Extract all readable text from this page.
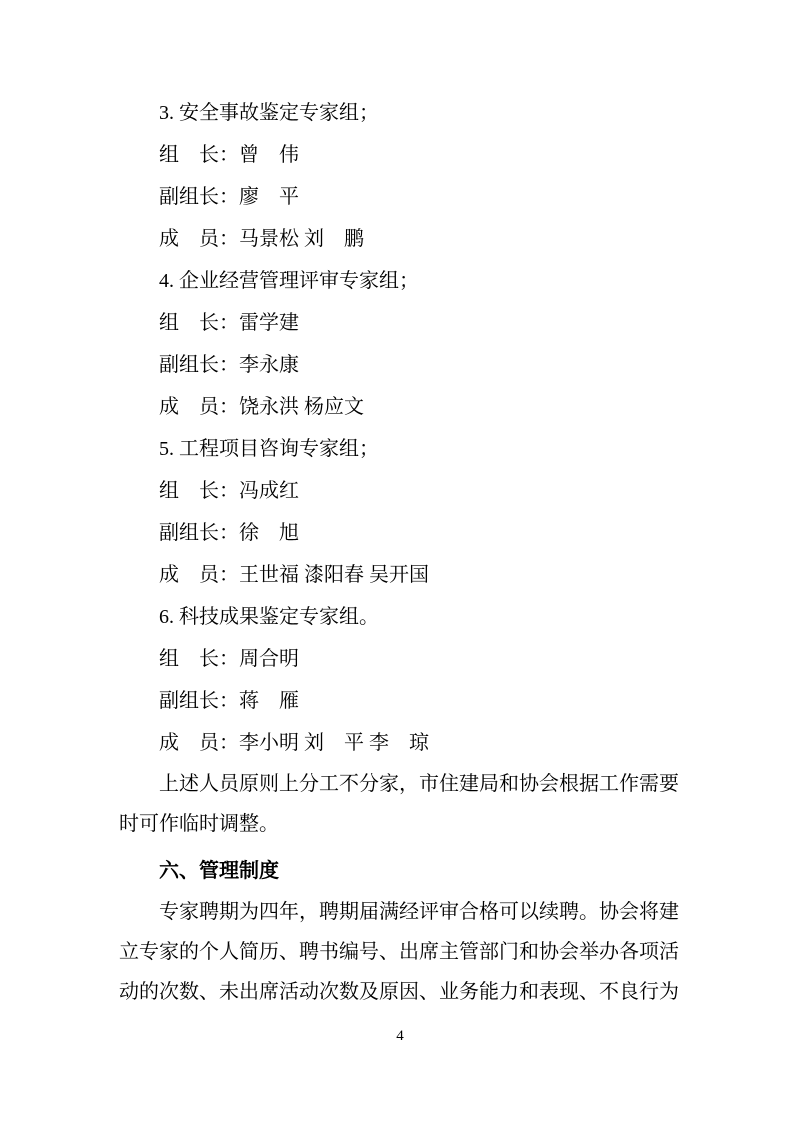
3. 安全事故鉴定专家组；
组　长：曾　伟
副组长：廖　平
成　员：马景松 刘　鹏
4. 企业经营管理评审专家组；
组　长：雷学建
副组长：李永康
成　员：饶永洪 杨应文
5. 工程项目咨询专家组；
组　长：冯成红
副组长：徐　旭
成　员：王世福 漆阳春 吴开国
6. 科技成果鉴定专家组。
组　长：周合明
副组长：蒋　雁
成　员：李小明 刘　平 李　琼
上述人员原则上分工不分家，市住建局和协会根据工作需要
时可作临时调整。
六、管理制度
专家聘期为四年，聘期届满经评审合格可以续聘。协会将建
立专家的个人简历、聘书编号、出席主管部门和协会举办各项活
动的次数、未出席活动次数及原因、业务能力和表现、不良行为
4
